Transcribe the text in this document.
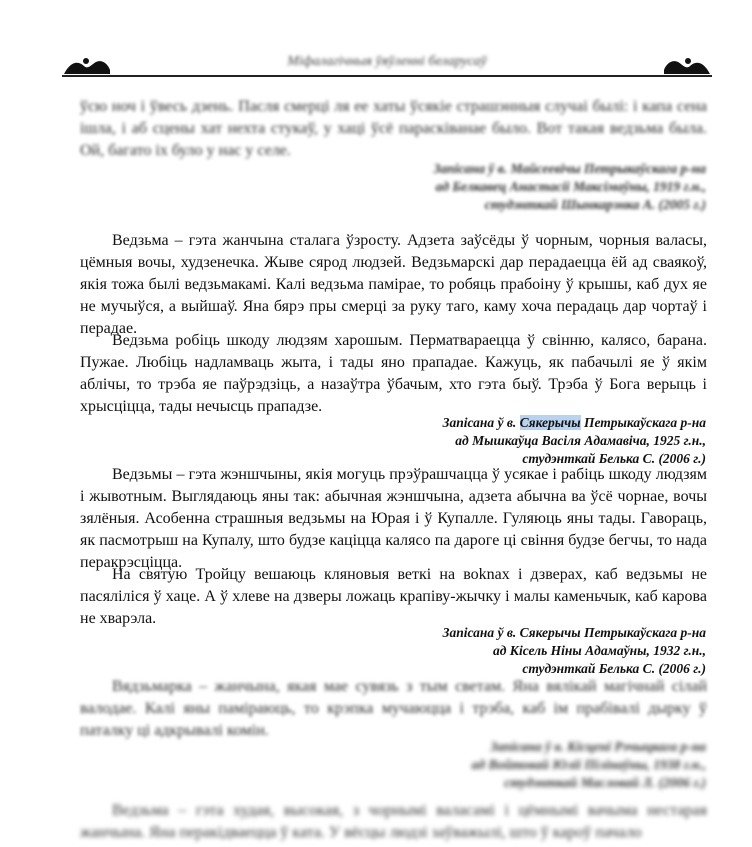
Міфалагічныя ўяўленні беларусаў

ўсю ноч і ўвесь дзень. Пасля смерці ля ее хаты ўсякіе страшэнныя случаі былі: і капа сена ішла, і аб сцены хат нехта стукаў, у хаці ўсё парасківанае было. Вот такая ведзьма была. Ой, багато іх було у нас у селе.

Запісана ў в. Майсеевічы Петрыкаўскага р-на
ад Белкавец Анастасіі Максімаўны, 1919 г.н.,
студэнткай Шынкарэнка А. (2005 г.)

Ведзьма – гэта жанчына сталага ўзросту. Адзета заўсёды ў чорным, чорныя валасы, цёмныя вочы, худзенечка. Жыве сярод людзей. Ведзьмарскі дар перадаецца ёй ад сваякоў, якія тожа былі ведзьмакамі. Калі ведзьма паміраe, то робяць прабоіну ў крышы, каб дух яе не мучыўся, а выйшаў. Яна бярэ пры смерці за руку таго, каму хоча перадаць дар чортаў і перадае.

Ведзьма робіць шкоду людзям харошым. Перматвараецца ў свінню, калясо, барана. Пужае. Любіць надламваць жыта, і тады яно прападае. Кажуць, як пабачылі яе ў якім аблічы, то трэба яе паўрэдзіць, а назаўтра ўбачым, хто гэта быў. Трэба ў Бога верыць і хрысціцца, тады нечысць прападзе.

Запісана ў в. Сякерычы Петрыкаўскага р-на
ад Мышкаўца Васіля Адамавіча, 1925 г.н.,
студэнткай Белька С. (2006 г.)

Ведзьмы – гэта жэншчыны, якія могуць прэўрашчацца ў усякае і рабіць шкоду людзям і жывотным. Выглядаюць яны так: абычная жэншчына, адзета абычна ва ўсё чорнае, вочы зялёныя. Асобенна страшныя ведзьмы на Юрая і ў Купалле. Гуляюць яны тады. Гавораць, як пасмотрыш на Купалу, што будзе каціцца калясо па дарогe ці свіння будзе бегчы, то нада перакрэсціцца.

На святую Тройцу вешаюць кляновыя веткі на воknах і дзверах, каб ведзьмы не пасяліліся ў хаце. А ў хлеве на дзверы ложаць крапіву-жычку і малы каменьчык, каб карова не хварэла.

Запісана ў в. Сякерычы Петрыкаўскага р-на
ад Кісель Ніны Адамаўны, 1932 г.н.,
студэнткай Белька С. (2006 г.)

Вядзьмарка – жанчына, якая мае сувязь з тым светам. Яна вялікай магічнай сілай валодае. Калі яны паміраюць, то крэпка мучаюцца і трэба, каб ім прабівалі дырку ў паталку ці адкрывалі комін.

Запісана ў в. Кісцені Рэчыцкага р-на
ад Войтовай Юліі Пілінаўны, 1938 г.н.,
студэнткай Масловай Л. (2006 г.)

Ведзьма – гэта худая, высокая, з чорнымі валасамі і цёмнымі вачыма нестарая жанчына. Яна перакідваецца ў ката. У вёсцы людзі заўважылі, што ў кароў пачало
